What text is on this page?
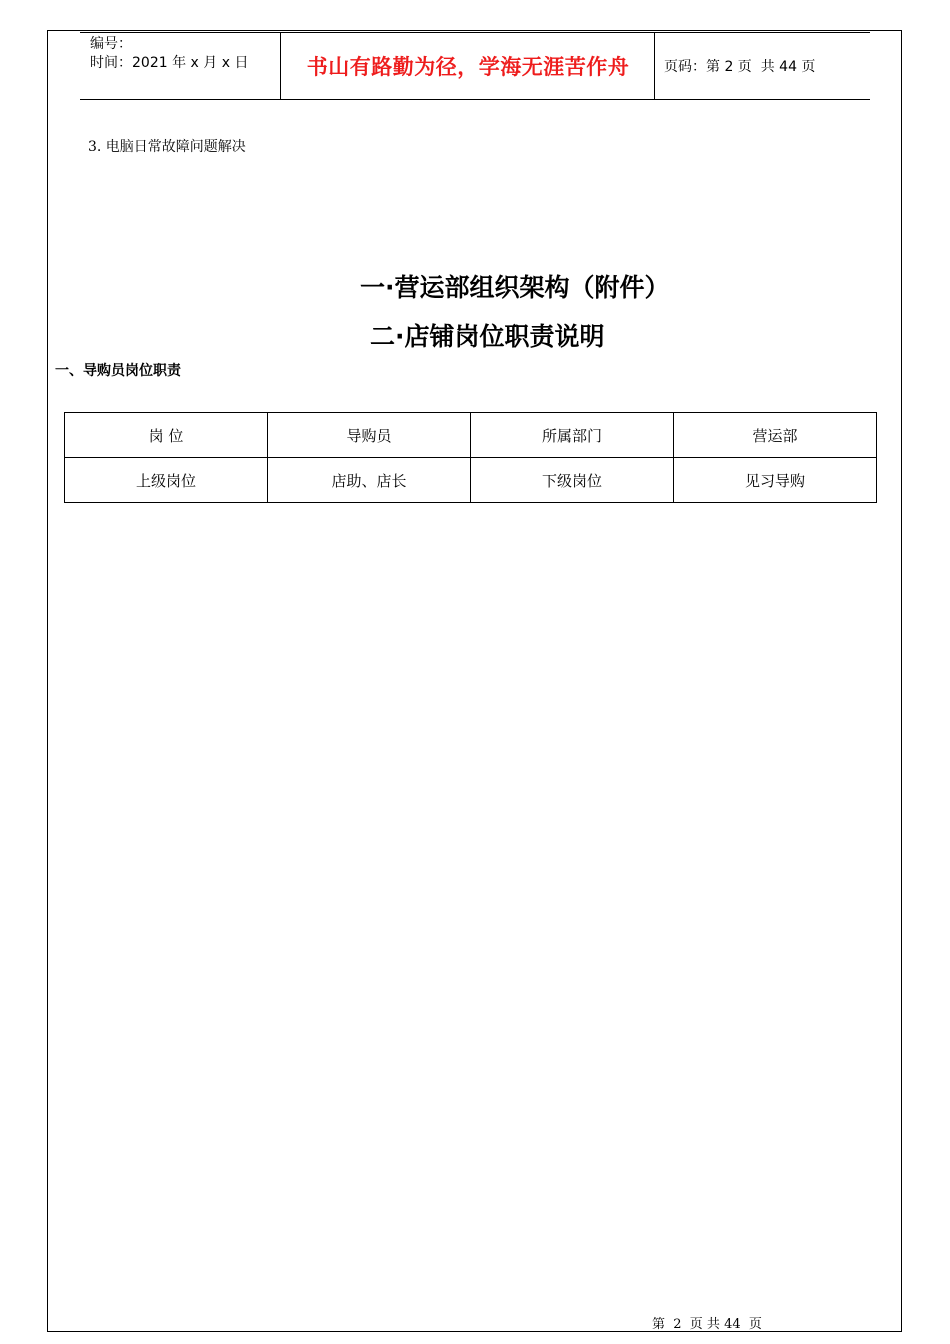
编号：
时间：2021 年 x 月 x 日	书山有路勤为径，学海无涯苦作舟	页码：第 2 页  共 44 页
3. 电脑日常故障问题解决
一·营运部组织架构（附件）
二·店铺岗位职责说明
一、导购员岗位职责
岗 位	导购员	所属部门	营运部
上级岗位	店助、店长	下级岗位	见习导购
第  2  页 共 44  页
